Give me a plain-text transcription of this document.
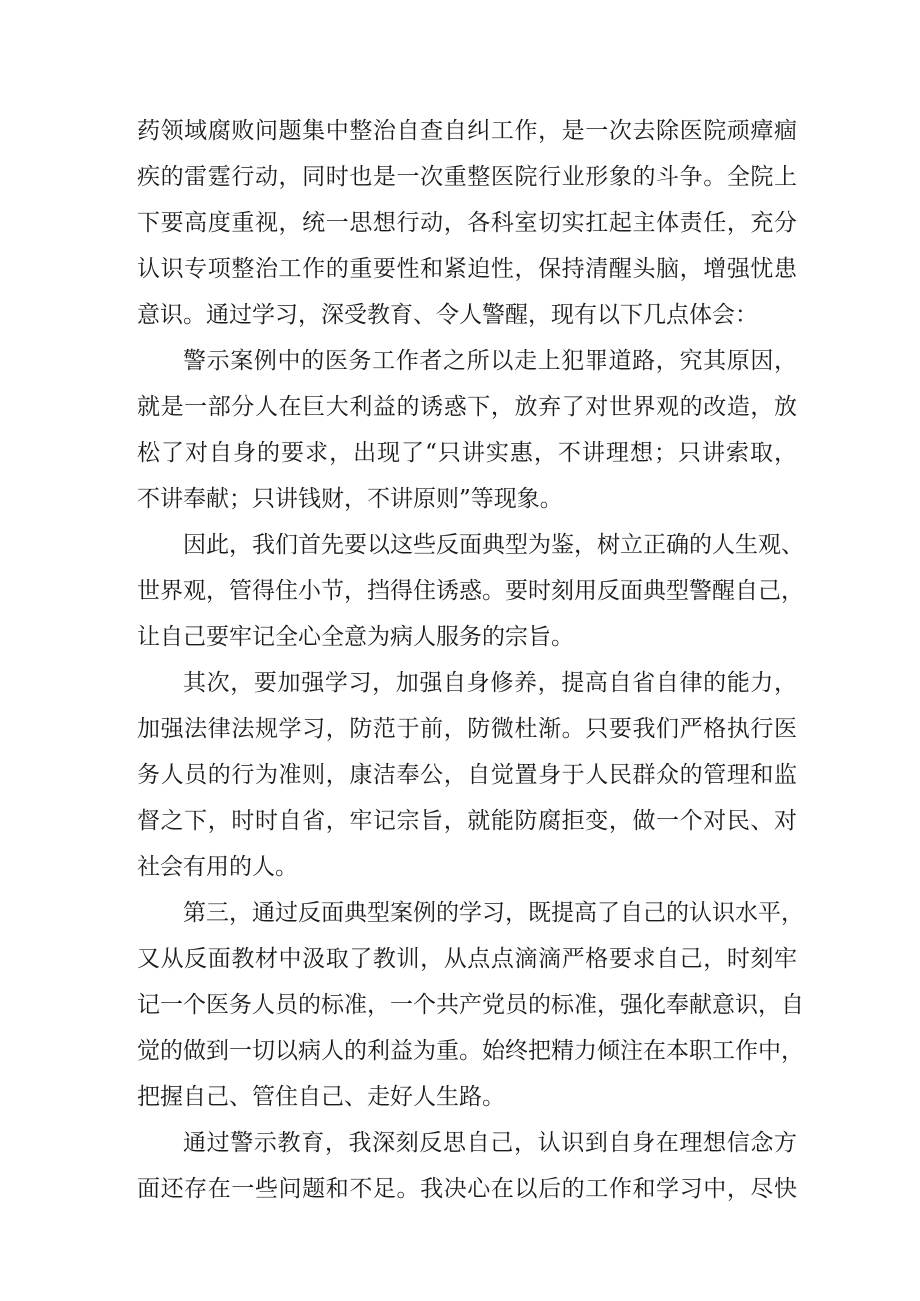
药领域腐败问题集中整治自查自纠工作，是一次去除医院顽瘴痼
疾的雷霆行动，同时也是一次重整医院行业形象的斗争。全院上
下要高度重视，统一思想行动，各科室切实扛起主体责任，充分
认识专项整治工作的重要性和紧迫性，保持清醒头脑，增强忧患
意识。通过学习，深受教育、令人警醒，现有以下几点体会：
警示案例中的医务工作者之所以走上犯罪道路，究其原因，
就是一部分人在巨大利益的诱惑下，放弃了对世界观的改造，放
松了对自身的要求，出现了“只讲实惠，不讲理想；只讲索取，
不讲奉献；只讲钱财，不讲原则”等现象。
因此，我们首先要以这些反面典型为鉴，树立正确的人生观、
世界观，管得住小节，挡得住诱惑。要时刻用反面典型警醒自己，
让自己要牢记全心全意为病人服务的宗旨。
其次，要加强学习，加强自身修养，提高自省自律的能力，
加强法律法规学习，防范于前，防微杜渐。只要我们严格执行医
务人员的行为准则，康洁奉公，自觉置身于人民群众的管理和监
督之下，时时自省，牢记宗旨，就能防腐拒变，做一个对民、对
社会有用的人。
第三，通过反面典型案例的学习，既提高了自己的认识水平，
又从反面教材中汲取了教训，从点点滴滴严格要求自己，时刻牢
记一个医务人员的标准，一个共产党员的标准，强化奉献意识，自
觉的做到一切以病人的利益为重。始终把精力倾注在本职工作中，
把握自己、管住自己、走好人生路。
通过警示教育，我深刻反思自己，认识到自身在理想信念方
面还存在一些问题和不足。我决心在以后的工作和学习中，尽快
